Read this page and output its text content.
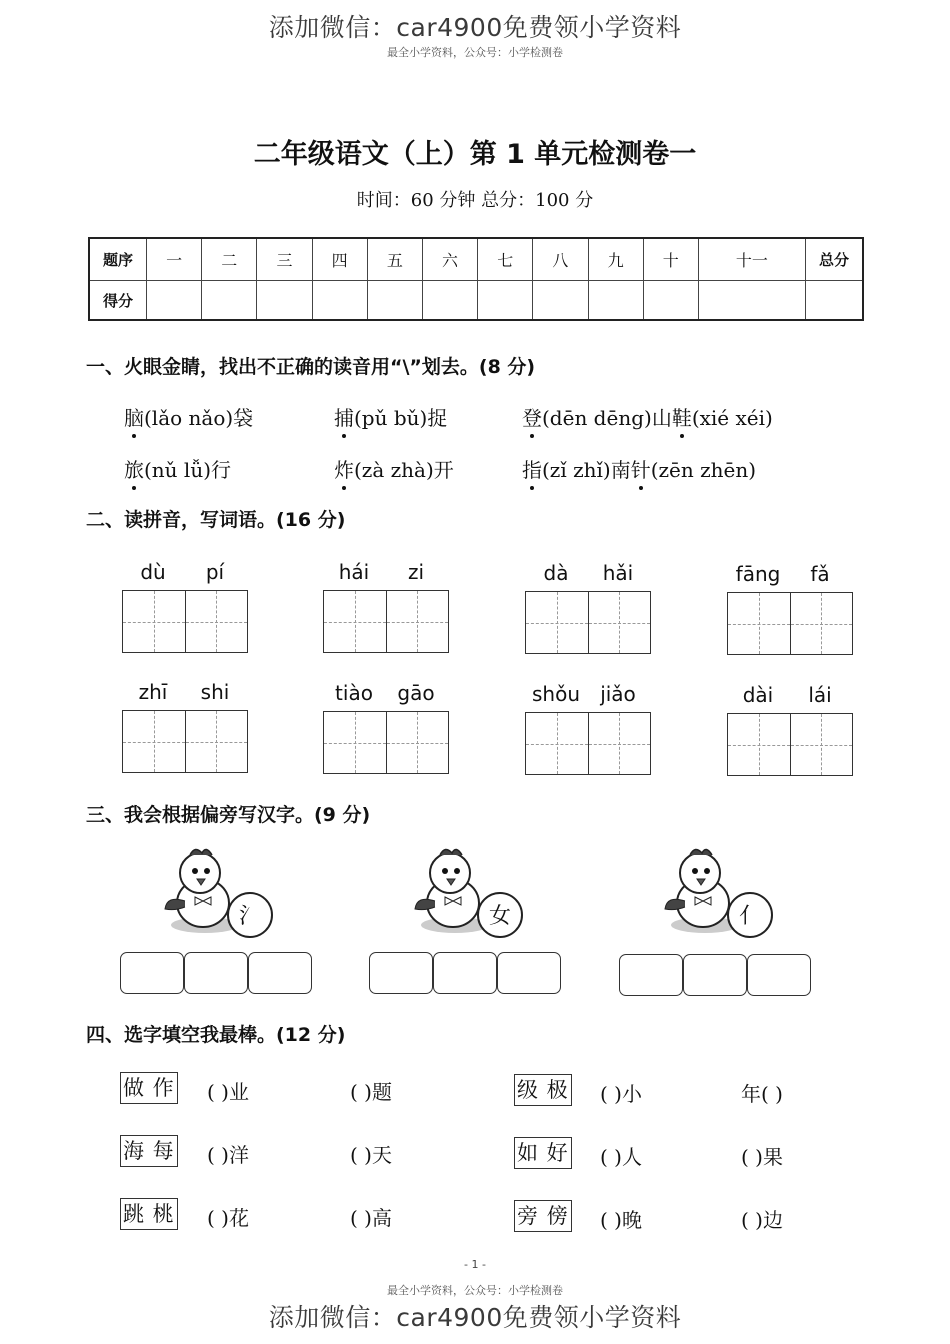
添加微信：car4900免费领小学资料
最全小学资料，公众号：小学检测卷
二年级语文（上）第 1 单元检测卷一
时间：60 分钟 总分：100 分
题序	一	二	三	四	五	六	七	八	九	十	十一	总分
得分												
一、火眼金睛，找出不正确的读音用“\”划去。(8 分)
脑(lǎo nǎo)袋	捕(pǔ bǔ)捉	登(dēn dēng)山鞋(xié xéi)
旅(nǔ lǚ)行	炸(zà zhà)开	指(zǐ zhǐ)南针(zēn zhēn)
二、读拼音，写词语。(16 分)
dù	pí	hái	zi	dà	hǎi	fāng	fǎ
zhī	shi	tiào	gāo	shǒu	jiǎo	dài	lái
三、我会根据偏旁写汉字。(9 分)
氵	女	亻
四、选字填空我最棒。(12 分)
做 作 ( )业	( )题	级 极 ( )小	年( )
海 每 ( )洋	( )天	如 好 ( )人	( )果
跳 桃 ( )花	( )高	旁 傍 ( )晚	( )边
- 1 -
最全小学资料，公众号：小学检测卷
添加微信：car4900免费领小学资料
